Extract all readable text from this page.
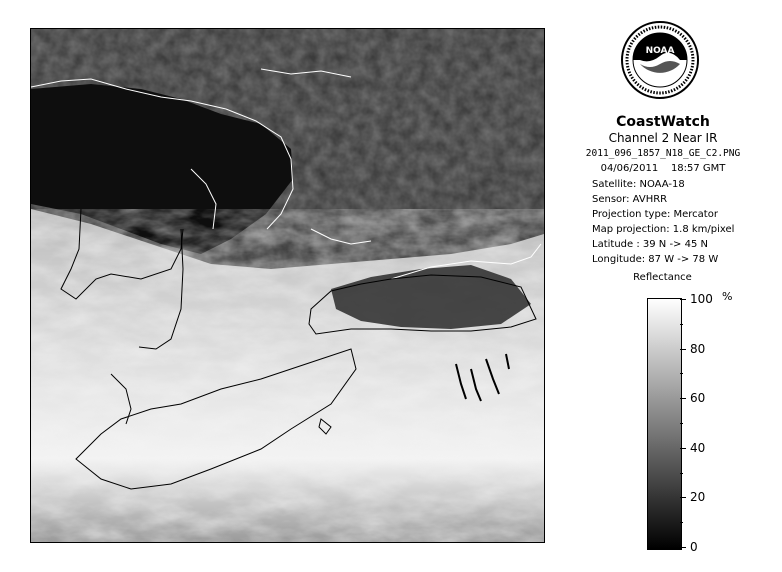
NOAA
CoastWatch
Channel 2 Near IR
2011_096_1857_N18_GE_C2.PNG
04/06/2011 18:57 GMT
Satellite: NOAA-18
Sensor: AVHRR
Projection type: Mercator
Map projection: 1.8 km/pixel
Latitude : 39 N -> 45 N
Longitude: 87 W -> 78 W
Reflectance
%
100
80
60
40
20
0
